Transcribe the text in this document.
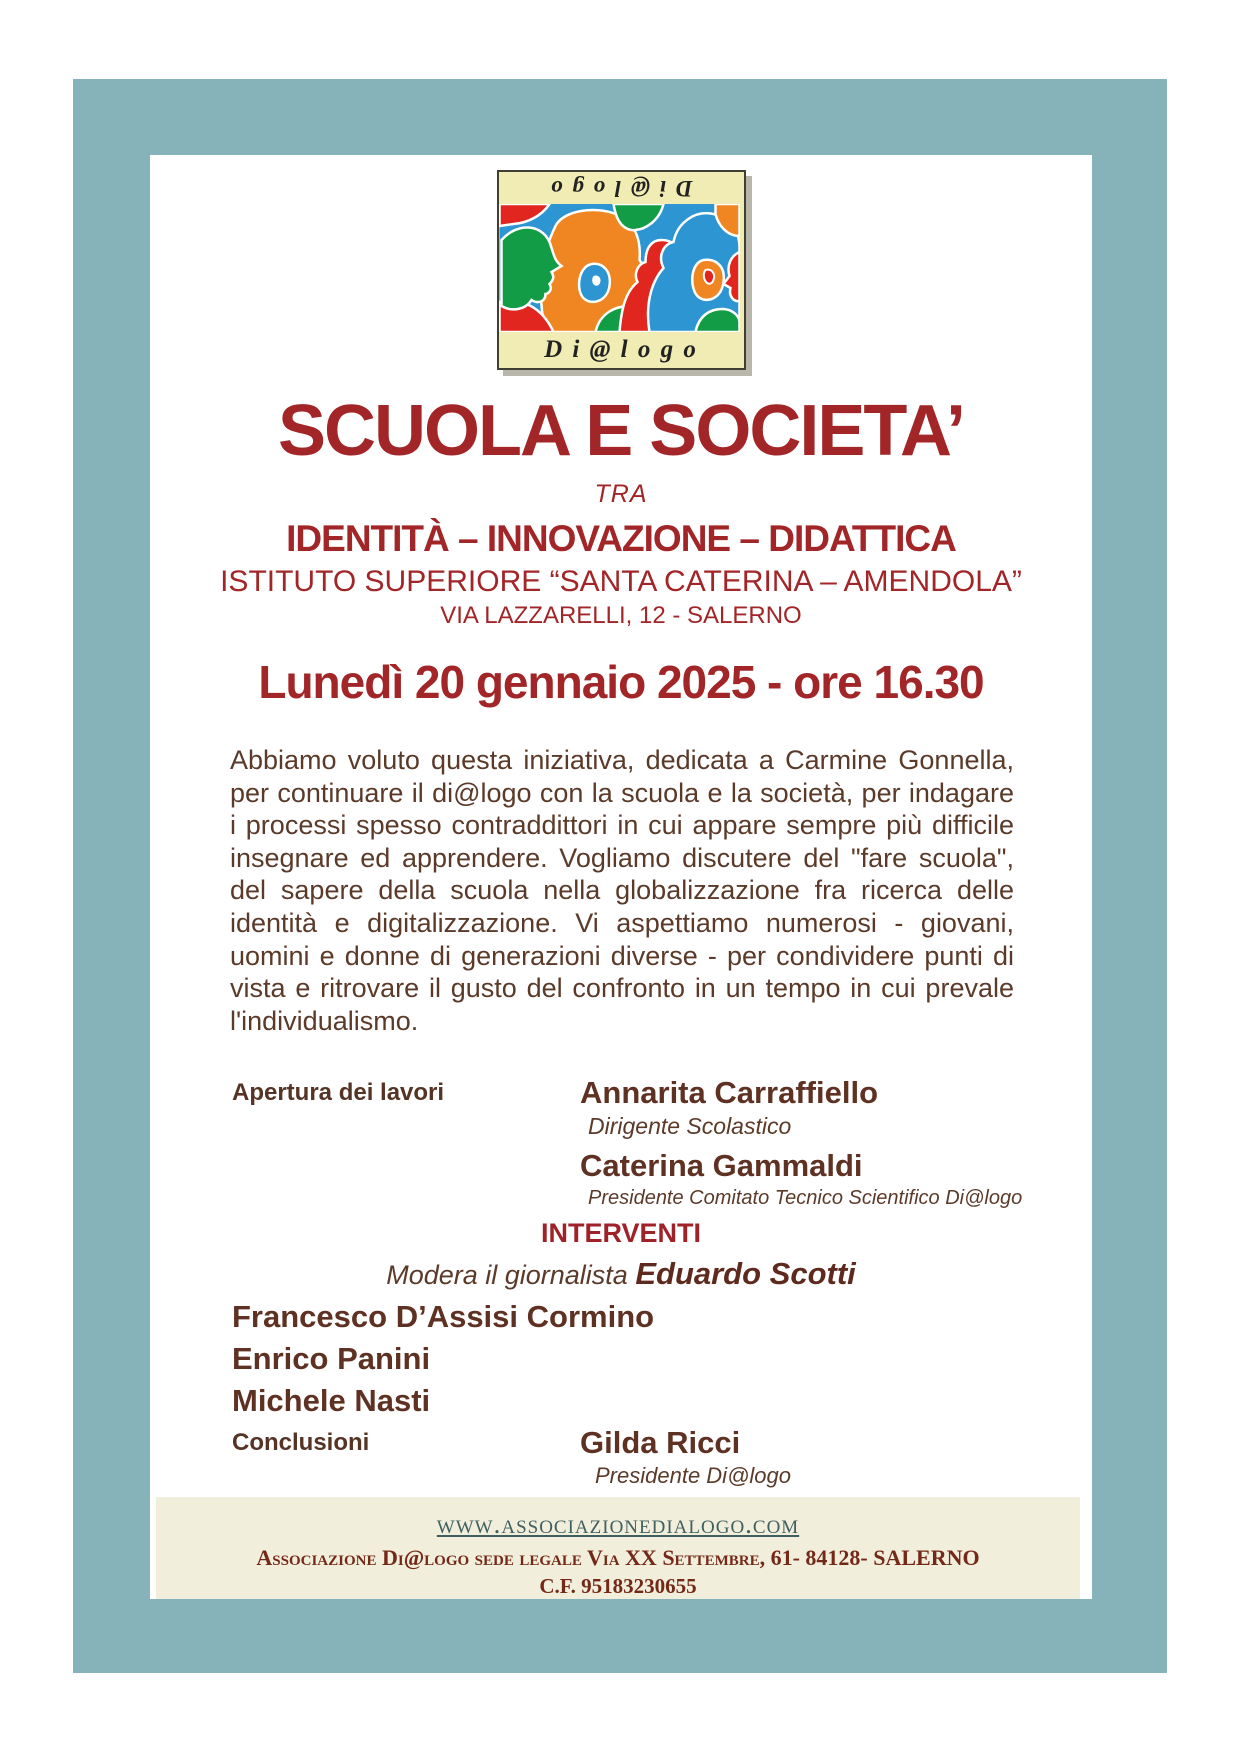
D i @ l o g o
D i @ l o g o
SCUOLA E SOCIETA’
TRA
IDENTITÀ – INNOVAZIONE – DIDATTICA
ISTITUTO SUPERIORE “SANTA CATERINA – AMENDOLA”
VIA LAZZARELLI, 12 - SALERNO
Lunedì 20 gennaio 2025 - ore 16.30
Abbiamo voluto questa iniziativa, dedicata a Carmine Gonnella, per continuare il di@logo con la scuola e la società, per indagare i processi spesso contraddittori in cui appare sempre più difficile insegnare ed apprendere. Vogliamo discutere del "fare scuola", del sapere della scuola nella globalizzazione fra ricerca delle identità e digitalizzazione. Vi aspettiamo numerosi - giovani, uomini e donne di generazioni diverse - per condividere punti di vista e ritrovare il gusto del confronto in un tempo in cui prevale l'individualismo.
Apertura dei lavori	Annarita Carraffiello
Dirigente Scolastico
Caterina Gammaldi
Presidente Comitato Tecnico Scientifico Di@logo
INTERVENTI
Modera il giornalista Eduardo Scotti
Francesco D’Assisi Cormino
Enrico Panini
Michele Nasti
Conclusioni	Gilda Ricci
Presidente Di@logo
www.associazionedialogo.com
Associazione Di@logo sede legale Via XX Settembre, 61- 84128- SALERNO
C.F. 95183230655
